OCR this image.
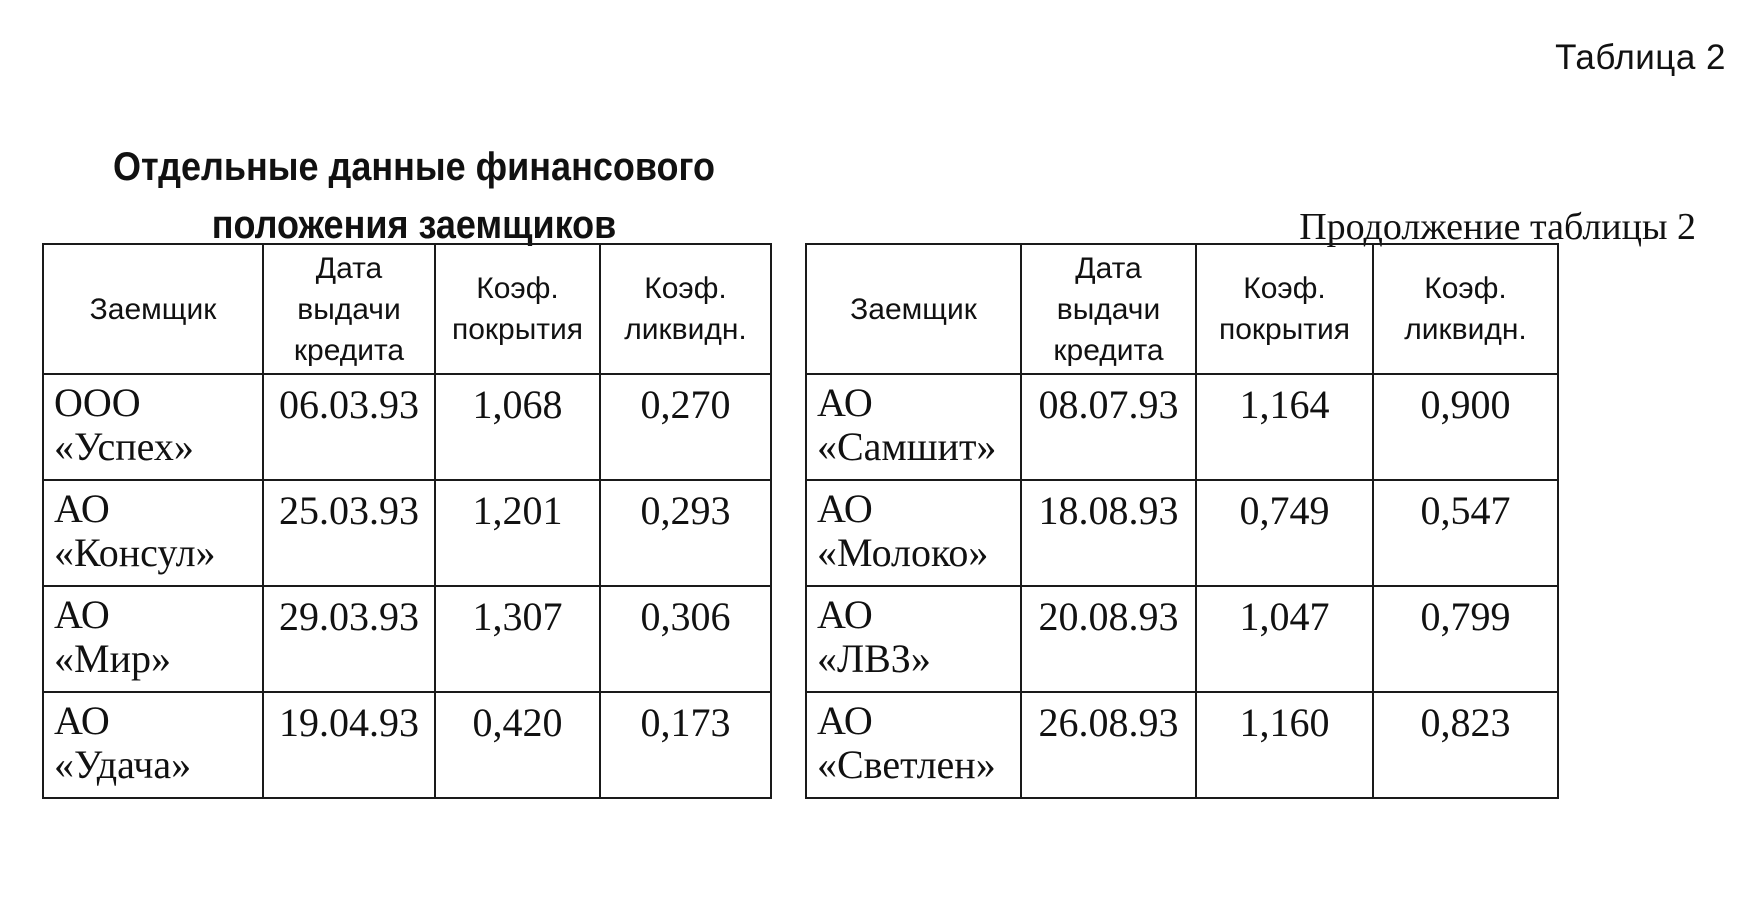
Таблица 2
Отдельные данные финансового
положения заемщиков	Продолжение таблицы 2
Заемщик	Дата выдачи кредита	Коэф. покрытия	Коэф. ликвидн.

ООО
«Успех»	06.03.93	1,068	0,270

АО
«Консул»	25.03.93	1,201	0,293

АО
«Мир»	29.03.93	1,307	0,306

АО
«Удача»	19.04.93	0,420	0,173
Заемщик	Дата выдачи кредита	Коэф. покрытия	Коэф. ликвидн.

АО
«Самшит»	08.07.93	1,164	0,900

АО
«Молоко»	18.08.93	0,749	0,547

АО
«ЛВЗ»	20.08.93	1,047	0,799

АО
«Светлен»	26.08.93	1,160	0,823
